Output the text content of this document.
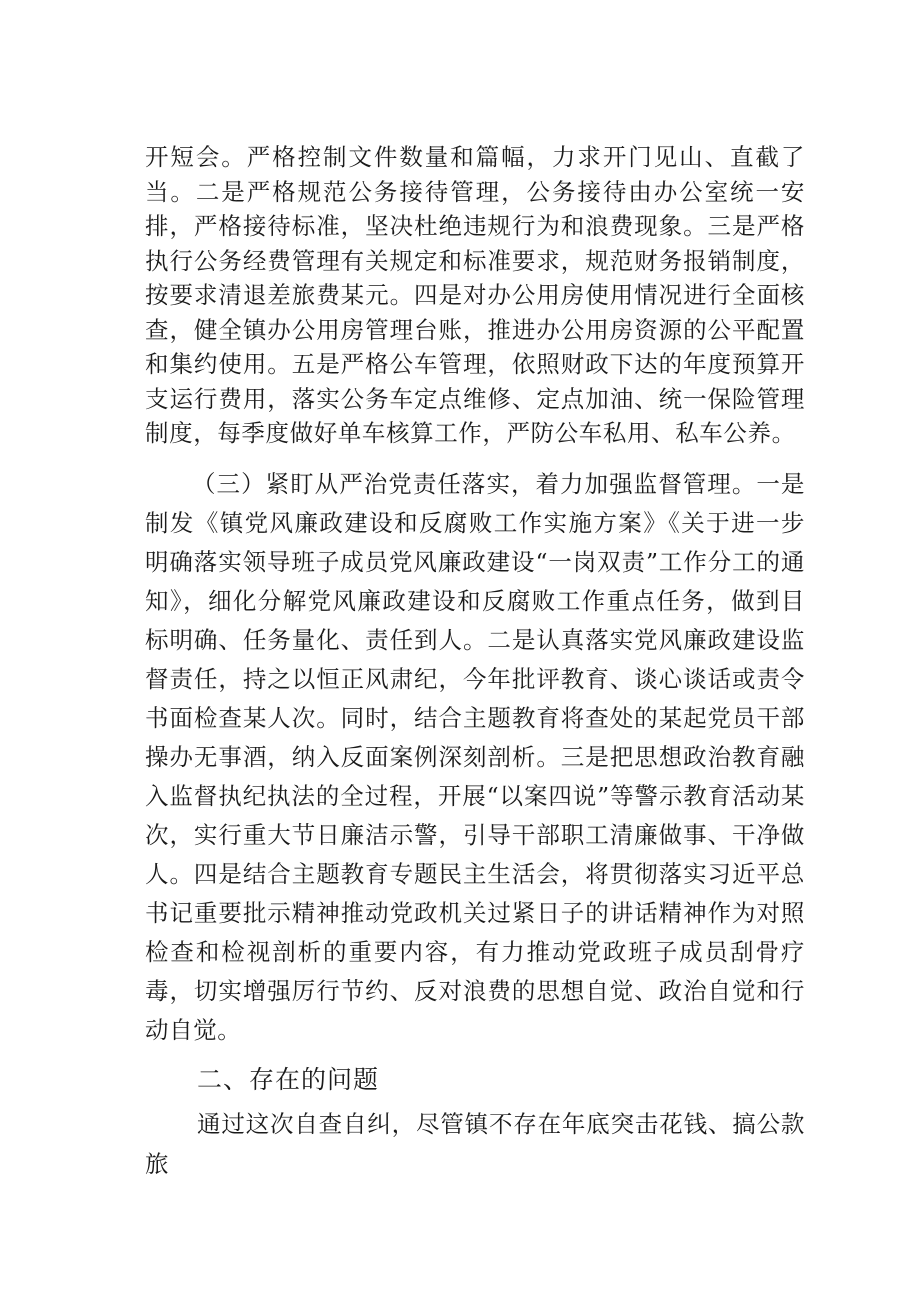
开短会。严格控制文件数量和篇幅，力求开门见山、直截了当。二是严格规范公务接待管理，公务接待由办公室统一安排，严格接待标准，坚决杜绝违规行为和浪费现象。三是严格执行公务经费管理有关规定和标准要求，规范财务报销制度，按要求清退差旅费某元。四是对办公用房使用情况进行全面核查，健全镇办公用房管理台账，推进办公用房资源的公平配置和集约使用。五是严格公车管理，依照财政下达的年度预算开支运行费用，落实公务车定点维修、定点加油、统一保险管理制度，每季度做好单车核算工作，严防公车私用、私车公养。

（三）紧盯从严治党责任落实，着力加强监督管理。一是制发《镇党风廉政建设和反腐败工作实施方案》《关于进一步明确落实领导班子成员党风廉政建设“一岗双责”工作分工的通知》，细化分解党风廉政建设和反腐败工作重点任务，做到目标明确、任务量化、责任到人。二是认真落实党风廉政建设监督责任，持之以恒正风肃纪，今年批评教育、谈心谈话或责令书面检查某人次。同时，结合主题教育将查处的某起党员干部操办无事酒，纳入反面案例深刻剖析。三是把思想政治教育融入监督执纪执法的全过程，开展“以案四说”等警示教育活动某次，实行重大节日廉洁示警，引导干部职工清廉做事、干净做人。四是结合主题教育专题民主生活会，将贯彻落实习近平总书记重要批示精神推动党政机关过紧日子的讲话精神作为对照检查和检视剖析的重要内容，有力推动党政班子成员刮骨疗毒，切实增强厉行节约、反对浪费的思想自觉、政治自觉和行动自觉。

二、存在的问题

通过这次自查自纠，尽管镇不存在年底突击花钱、搞公款旅
